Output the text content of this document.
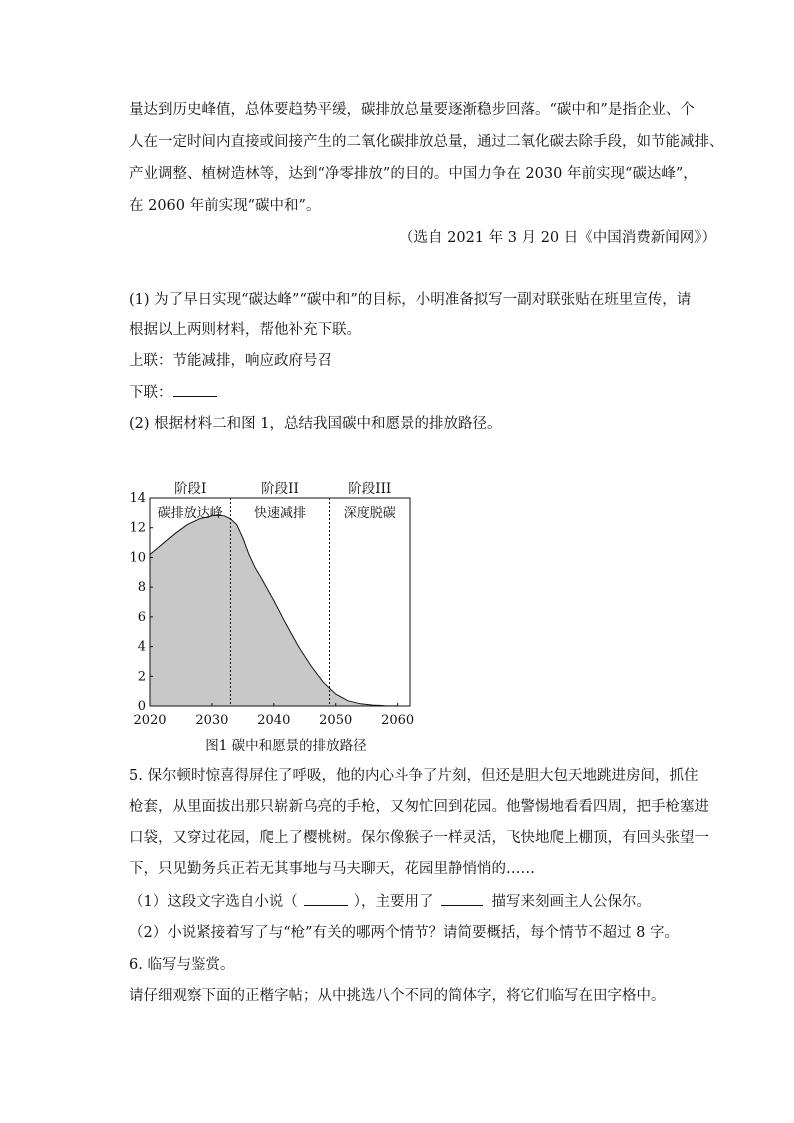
量达到历史峰值，总体要趋势平缓，碳排放总量要逐渐稳步回落。“碳中和”是指企业、个
人在一定时间内直接或间接产生的二氧化碳排放总量，通过二氧化碳去除手段，如节能减排、
产业调整、植树造林等，达到“净零排放”的目的。中国力争在 2030 年前实现“碳达峰”，
在 2060 年前实现“碳中和”。
（选自 2021 年 3 月 20 日《中国消费新闻网》）
(1) 为了早日实现“碳达峰”“碳中和”的目标，小明准备拟写一副对联张贴在班里宣传，请
根据以上两则材料，帮他补充下联。
上联：节能减排，响应政府号召
下联：
(2) 根据材料二和图 1，总结我国碳中和愿景的排放路径。
阶段I
碳排放达峰
阶段II
快速减排
阶段III
深度脱碳
0
2
4
6
8
10
12
14
2020 2030 2040 2050 2060
图1 碳中和愿景的排放路径
5. 保尔顿时惊喜得屏住了呼吸，他的内心斗争了片刻，但还是胆大包天地跳进房间，抓住
枪套，从里面拔出那只崭新乌亮的手枪，又匆忙回到花园。他警惕地看看四周，把手枪塞进
口袋，又穿过花园，爬上了樱桃树。保尔像猴子一样灵活，飞快地爬上棚顶，有回头张望一
下，只见勤务兵正若无其事地与马夫聊天，花园里静悄悄的……
（1）这段文字选自小说（	），主要用了	描写来刻画主人公保尔。
（2）小说紧接着写了与“枪”有关的哪两个情节？请简要概括，每个情节不超过 8 字。
6. 临写与鉴赏。
请仔细观察下面的正楷字帖；从中挑选八个不同的简体字，将它们临写在田字格中。
